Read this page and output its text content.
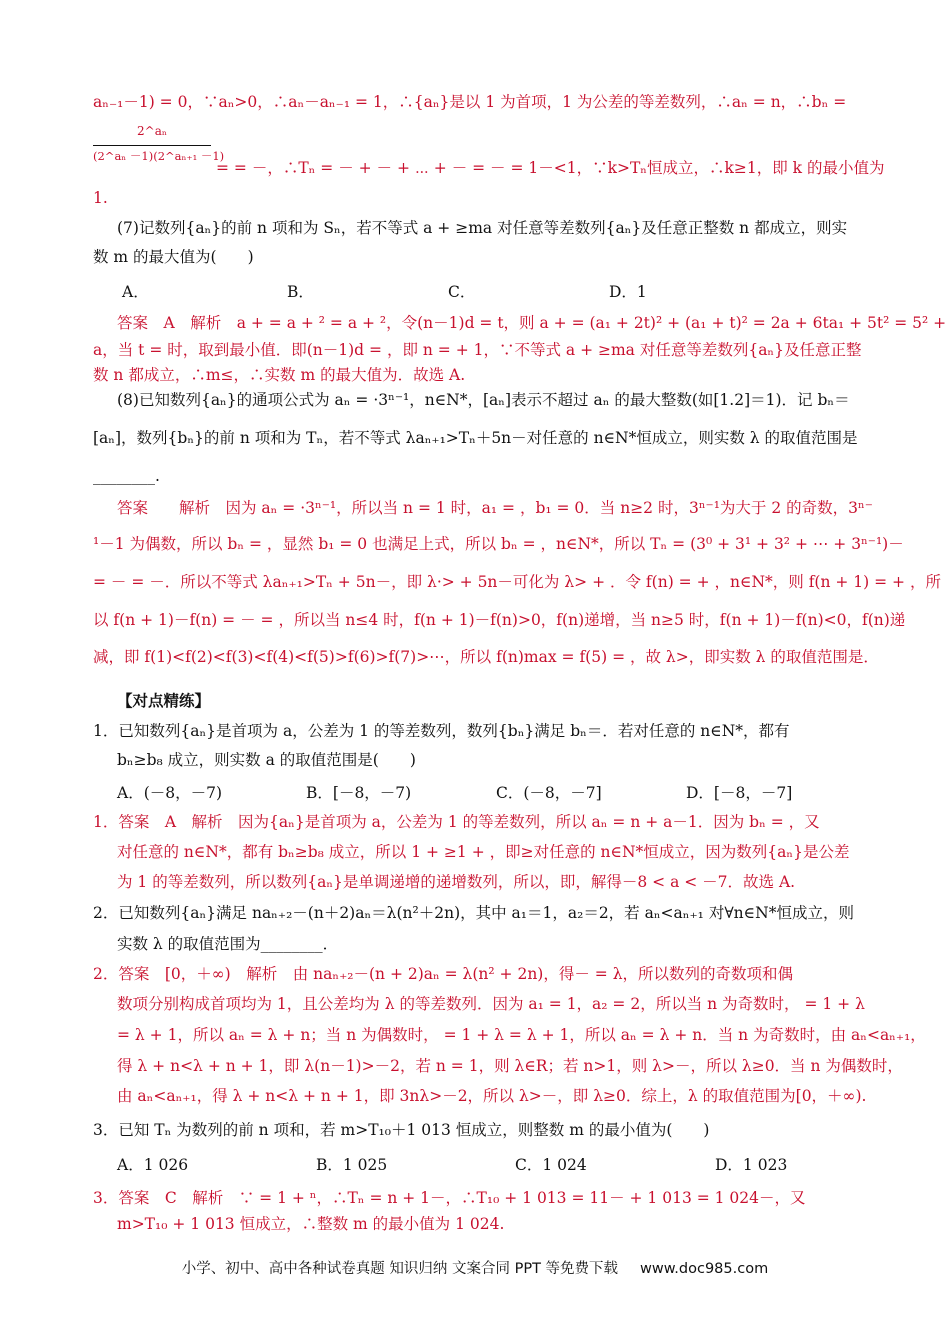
aₙ₋₁－1) = 0，∵aₙ>0，∴aₙ－aₙ₋₁ = 1，∴{aₙ}是以 1 为首项，1 为公差的等差数列，∴aₙ = n，∴bₙ =
2^aₙ
(2^aₙ －1)(2^aₙ₊₁ －1)
= = －，∴Tₙ = － + － + ⋯ + － = － = 1－<1，∵k>Tₙ恒成立，∴k≥1，即 k 的最小值为
1.
(7)记数列{aₙ}的前 n 项和为 Sₙ，若不等式 a + ≥ma 对任意等差数列{aₙ}及任意正整数 n 都成立，则实
数 m 的最大值为(　　)
A．	B．	C．	D．1
答案　A　解析　a + = a + ² = a + ²，令(n－1)d = t，则 a + = (a₁ + 2t)² + (a₁ + t)² = 2a + 6ta₁ + 5t² = 5² +
a，当 t = 时，取到最小值．即(n－1)d = ，即 n = + 1，∵不等式 a + ≥ma 对任意等差数列{aₙ}及任意正整
数 n 都成立，∴m≤，∴实数 m 的最大值为．故选 A.
(8)已知数列{aₙ}的通项公式为 aₙ = ·3ⁿ⁻¹，n∈N*，[aₙ]表示不超过 aₙ 的最大整数(如[1.2]＝1)．记 bₙ＝
[aₙ]，数列{bₙ}的前 n 项和为 Tₙ，若不等式 λaₙ₊₁>Tₙ＋5n－对任意的 n∈N*恒成立，则实数 λ 的取值范围是
________.
答案　　解析　因为 aₙ = ·3ⁿ⁻¹，所以当 n = 1 时，a₁ = ，b₁ = 0．当 n≥2 时，3ⁿ⁻¹为大于 2 的奇数，3ⁿ⁻
¹－1 为偶数，所以 bₙ = ，显然 b₁ = 0 也满足上式，所以 bₙ = ，n∈N*，所以 Tₙ = (3⁰ + 3¹ + 3² + ⋯ + 3ⁿ⁻¹)－
= － = －．所以不等式 λaₙ₊₁>Tₙ + 5n－，即 λ·> + 5n－可化为 λ> + ．令 f(n) = + ，n∈N*，则 f(n + 1) = + ，所
以 f(n + 1)－f(n) = － = ，所以当 n≤4 时，f(n + 1)－f(n)>0，f(n)递增，当 n≥5 时，f(n + 1)－f(n)<0，f(n)递
减，即 f(1)<f(2)<f(3)<f(4)<f(5)>f(6)>f(7)>⋯，所以 f(n)max = f(5) = ，故 λ>，即实数 λ 的取值范围是．
【对点精练】
1．已知数列{aₙ}是首项为 a，公差为 1 的等差数列，数列{bₙ}满足 bₙ＝．若对任意的 n∈N*，都有
bₙ≥b₈ 成立，则实数 a 的取值范围是(　　)
A．(－8，－7)	B．[－8，－7)	C．(－8，－7]	D．[－8，－7]
1．答案　A　解析　因为{aₙ}是首项为 a，公差为 1 的等差数列，所以 aₙ = n + a－1．因为 bₙ = ，又
对任意的 n∈N*，都有 bₙ≥b₈ 成立，所以 1 + ≥1 + ，即≥对任意的 n∈N*恒成立，因为数列{aₙ}是公差
为 1 的等差数列，所以数列{aₙ}是单调递增的递增数列，所以，即，解得－8 < a < －7．故选 A.
2．已知数列{aₙ}满足 naₙ₊₂－(n＋2)aₙ＝λ(n²＋2n)，其中 a₁＝1，a₂＝2，若 aₙ<aₙ₊₁ 对∀n∈N*恒成立，则
实数 λ 的取值范围为________．
2．答案　[0，＋∞)　解析　由 naₙ₊₂－(n + 2)aₙ = λ(n² + 2n)，得－ = λ，所以数列的奇数项和偶
数项分别构成首项均为 1，且公差均为 λ 的等差数列．因为 a₁ = 1，a₂ = 2，所以当 n 为奇数时， = 1 + λ
= λ + 1，所以 aₙ = λ + n；当 n 为偶数时， = 1 + λ = λ + 1，所以 aₙ = λ + n．当 n 为奇数时，由 aₙ<aₙ₊₁，
得 λ + n<λ + n + 1，即 λ(n－1)>－2，若 n = 1，则 λ∈R；若 n>1，则 λ>－，所以 λ≥0．当 n 为偶数时，
由 aₙ<aₙ₊₁，得 λ + n<λ + n + 1，即 3nλ>－2，所以 λ>－，即 λ≥0．综上，λ 的取值范围为[0，＋∞).
3．已知 Tₙ 为数列的前 n 项和，若 m>T₁₀＋1 013 恒成立，则整数 m 的最小值为(　　)
A．1 026	B．1 025	C．1 024	D．1 023
3．答案　C　解析　∵ = 1 + ⁿ，∴Tₙ = n + 1－，∴T₁₀ + 1 013 = 11－ + 1 013 = 1 024－，又
m>T₁₀ + 1 013 恒成立，∴整数 m 的最小值为 1 024.
小学、初中、高中各种试卷真题 知识归纳 文案合同 PPT 等免费下载 www.doc985.com
